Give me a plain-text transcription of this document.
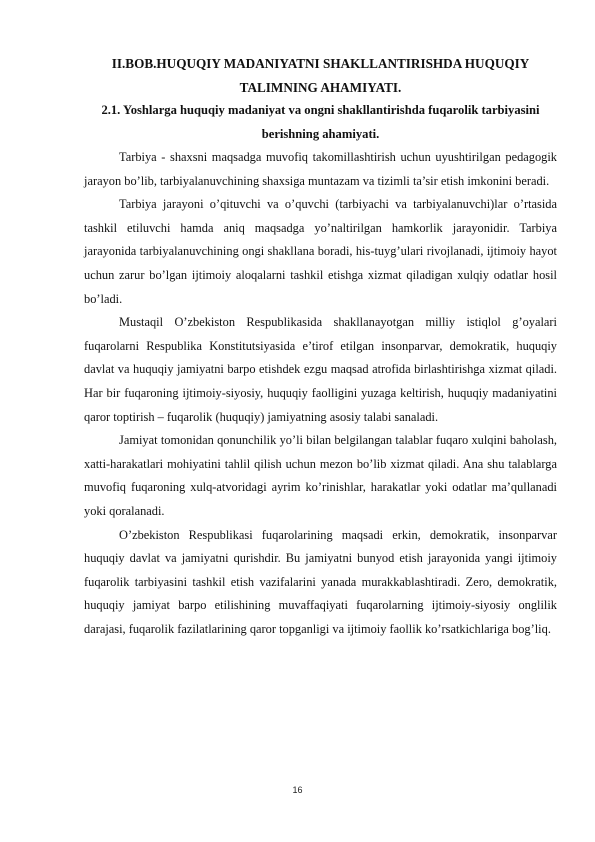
II.BOB.HUQUQIY MADANIYATNI SHAKLLANTIRISHDA HUQUQIY TALIMNING AHAMIYATI.
2.1. Yoshlarga huquqiy madaniyat va ongni shakllantirishda fuqarolik tarbiyasini berishning ahamiyati.

Tarbiya - shaxsni maqsadga muvofiq takomillashtirish uchun uyushtirilgan pedagogik jarayon bo’lib, tarbiyalanuvchining shaxsiga muntazam va tizimli ta’sir etish imkonini beradi.

Tarbiya jarayoni o’qituvchi va o’quvchi (tarbiyachi va tarbiyalanuvchi)lar o’rtasida tashkil etiluvchi hamda aniq maqsadga yo’naltirilgan hamkorlik jarayonidir. Tarbiya jarayonida tarbiyalanuvchining ongi shakllana boradi, his-tuyg’ulari rivojlanadi, ijtimoiy hayot uchun zarur bo’lgan ijtimoiy aloqalarni tashkil etishga xizmat qiladigan xulqiy odatlar hosil bo’ladi.

Mustaqil O’zbekiston Respublikasida shakllanayotgan milliy istiqlol g’oyalari fuqarolarni Respublika Konstitutsiyasida e’tirof etilgan insonparvar, demokratik, huquqiy davlat va huquqiy jamiyatni barpo etishdek ezgu maqsad atrofida birlashtirishga xizmat qiladi. Har bir fuqaroning ijtimoiy-siyosiy, huquqiy faolligini yuzaga keltirish, huquqiy madaniyatini qaror toptirish – fuqarolik (huquqiy) jamiyatning asosiy talabi sanaladi.

Jamiyat tomonidan qonunchilik yo’li bilan belgilangan talablar fuqaro xulqini baholash, xatti-harakatlari mohiyatini tahlil qilish uchun mezon bo’lib xizmat qiladi. Ana shu talablarga muvofiq fuqaroning xulq-atvoridagi ayrim ko’rinishlar, harakatlar yoki odatlar ma’qullanadi yoki qoralanadi.

O’zbekiston Respublikasi fuqarolarining maqsadi erkin, demokratik, insonparvar huquqiy davlat va jamiyatni qurishdir. Bu jamiyatni bunyod etish jarayonida yangi ijtimoiy fuqarolik tarbiyasini tashkil etish vazifalarini yanada murakkablashtiradi. Zero, demokratik, huquqiy jamiyat barpo etilishining muvaffaqiyati fuqarolarning ijtimoiy-siyosiy onglilik darajasi, fuqarolik fazilatlarining qaror topganligi va ijtimoiy faollik ko’rsatkichlariga bog’liq.

16
